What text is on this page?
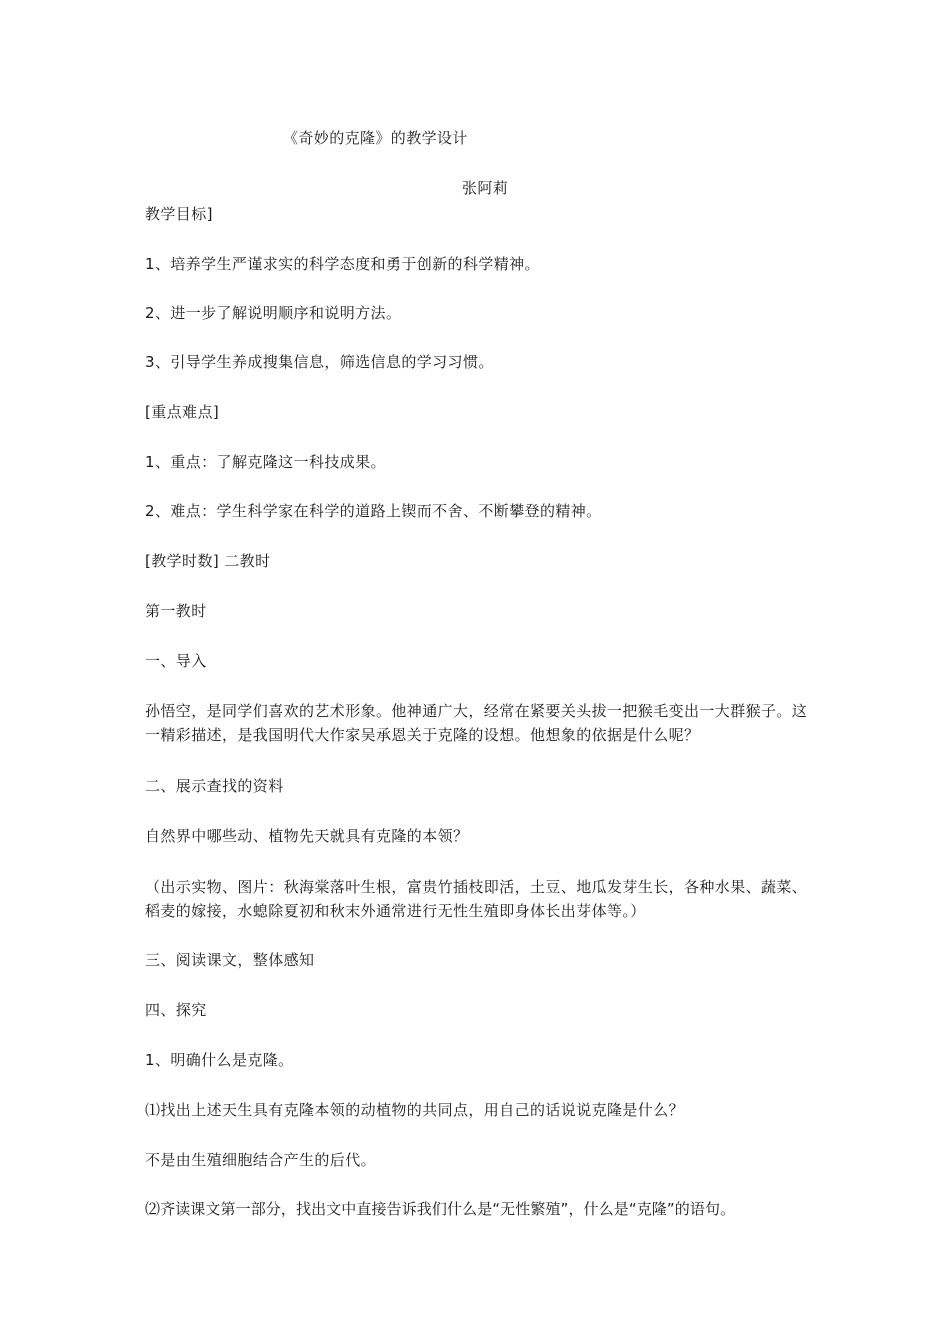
《奇妙的克隆》的教学设计
张阿莉
教学目标]
1、培养学生严谨求实的科学态度和勇于创新的科学精神。
2、进一步了解说明顺序和说明方法。
3、引导学生养成搜集信息，筛选信息的学习习惯。
[重点难点]
1、重点：了解克隆这一科技成果。
2、难点：学生科学家在科学的道路上锲而不舍、不断攀登的精神。
[教学时数] 二教时
第一教时
一、导入
孙悟空，是同学们喜欢的艺术形象。他神通广大，经常在紧要关头拔一把猴毛变出一大群猴子。这一精彩描述，是我国明代大作家吴承恩关于克隆的设想。他想象的依据是什么呢？
二、展示查找的资料
自然界中哪些动、植物先天就具有克隆的本领？
（出示实物、图片：秋海棠落叶生根，富贵竹插枝即活，土豆、地瓜发芽生长，各种水果、蔬菜、稻麦的嫁接，水螅除夏初和秋末外通常进行无性生殖即身体长出芽体等。）
三、阅读课文，整体感知
四、探究
1、明确什么是克隆。
⑴找出上述天生具有克隆本领的动植物的共同点，用自己的话说说克隆是什么？
不是由生殖细胞结合产生的后代。
⑵齐读课文第一部分，找出文中直接告诉我们什么是“无性繁殖”，什么是“克隆”的语句。
